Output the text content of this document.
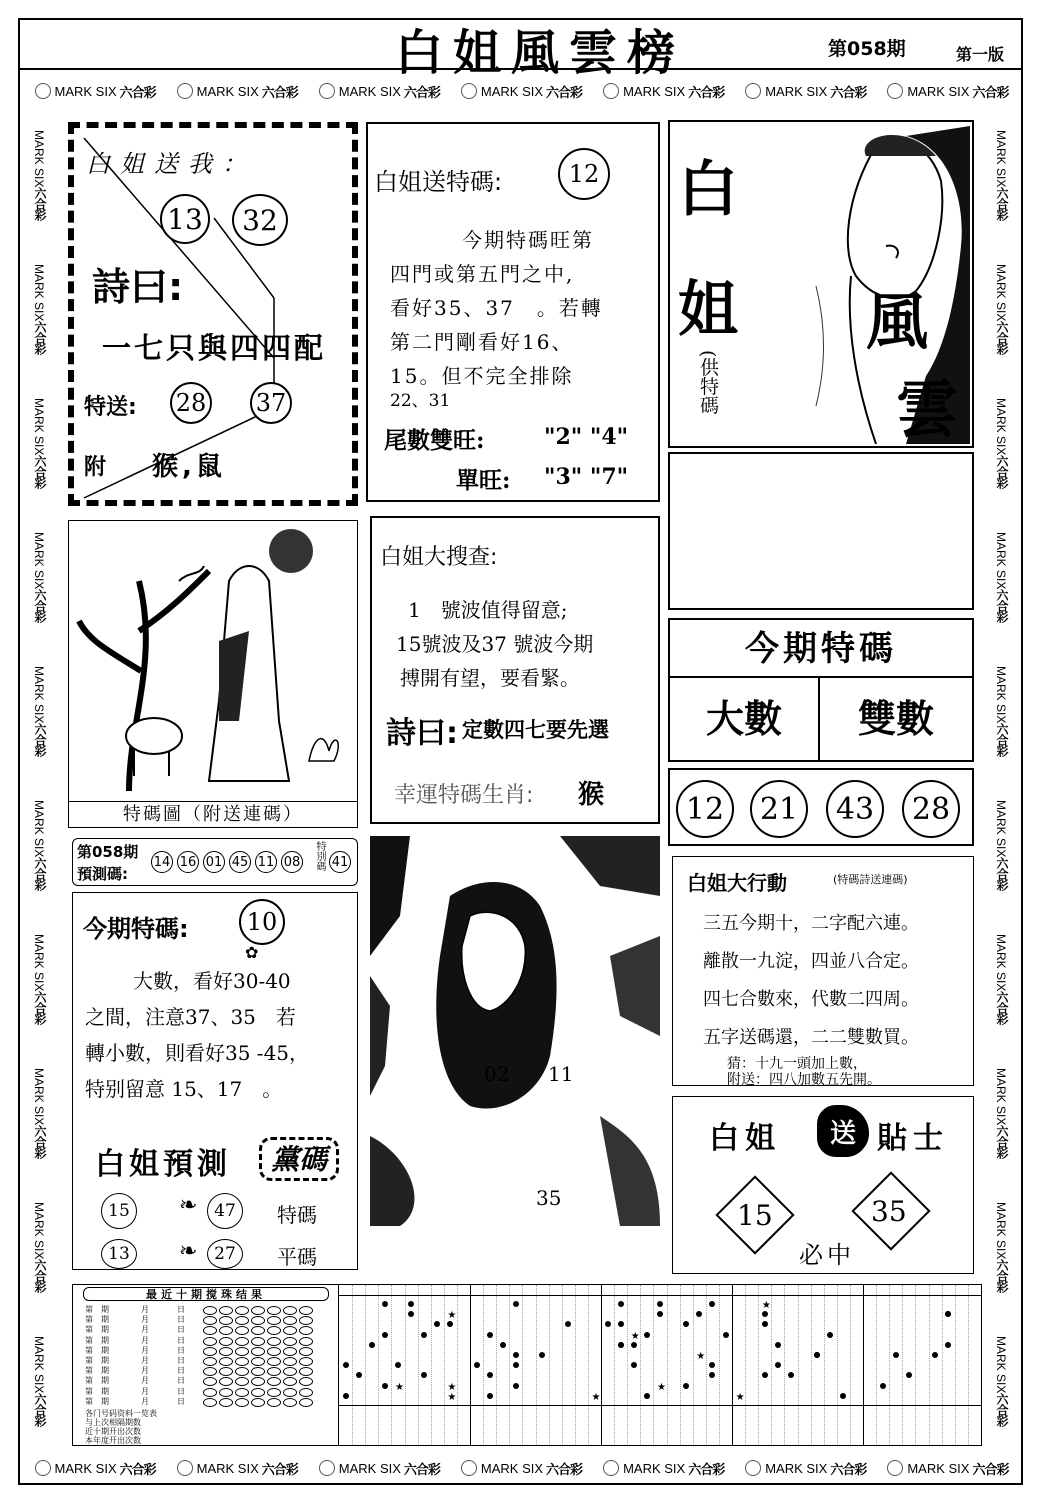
白姐風雲榜	第058期	第一版
MARK SIX 六合彩	MARK SIX 六合彩	MARK SIX 六合彩	MARK SIX 六合彩	MARK SIX 六合彩	MARK SIX 六合彩	MARK SIX 六合彩
MARK SIX 六合彩	MARK SIX 六合彩	MARK SIX 六合彩	MARK SIX 六合彩	MARK SIX 六合彩	MARK SIX 六合彩	MARK SIX 六合彩
MARK SIX
六合彩
MARK SIX
六合彩
MARK SIX
六合彩
MARK SIX
六合彩
MARK SIX
六合彩
MARK SIX
六合彩
MARK SIX
六合彩
MARK SIX
六合彩
MARK SIX
六合彩
MARK SIX
六合彩
MARK SIX
六合彩
MARK SIX
六合彩
MARK SIX
六合彩
MARK SIX
六合彩
MARK SIX
六合彩
MARK SIX
六合彩
MARK SIX
六合彩
MARK SIX
六合彩
MARK SIX
六合彩
MARK SIX
六合彩
白姐送我：
13	32
詩曰:
一七只與四四配
特送: 28 37
附 猴,鼠
白姐送特碼:	12
今期特碼旺第
四門或第五門之中,
看好35、37　。若轉
第二門剛看好16、
15。但不完全排除
22、31
尾數雙旺:	"2" "4"
單旺: "3" "7"
白
姐 風
雲
(供特碼
特碼圖（附送連碼）
白姐大搜查:
1　號波值得留意;
15號波及37 號波今期
搏開有望，要看緊。
詩曰: 定數四七要先選
幸運特碼生肖: 猴
今期特碼
大數	雙數
12	21	43	28
第058期
預測碼:
14 16 01 45 11 08 特別碼 41
今期特碼:	10
✿
大數，看好30-40
之間，注意37、35　若
轉小數，則看好35 -45，
特别留意 15、17　。
白姐預測	黨碼
15	❧ 47	特碼
13	❧ 27	平碼
02 11
35
白姐大行動	(特碼詩送連碼)
三五今期十，二字配六連。
離散一九淀，四並八合定。
四七合數來，代數二四周。
五字送碼還，二二雙數買。
猜：十九一頭加上數，
附送：四八加數五先開。
白姐	送 貼士
15	35
必中
最近十期搅珠结果
第　期	月	日
第　期	月	日
第　期	月	日
第　期	月	日
第　期	月	日
第　期	月	日
第　期	月	日
第　期	月	日
第　期	月	日
第　期	月	日
各门号码资料一览表
与上次相隔期数
近十期开出次数
本年度开出次数
★
★
★
★
★
★	★
★	★
★
